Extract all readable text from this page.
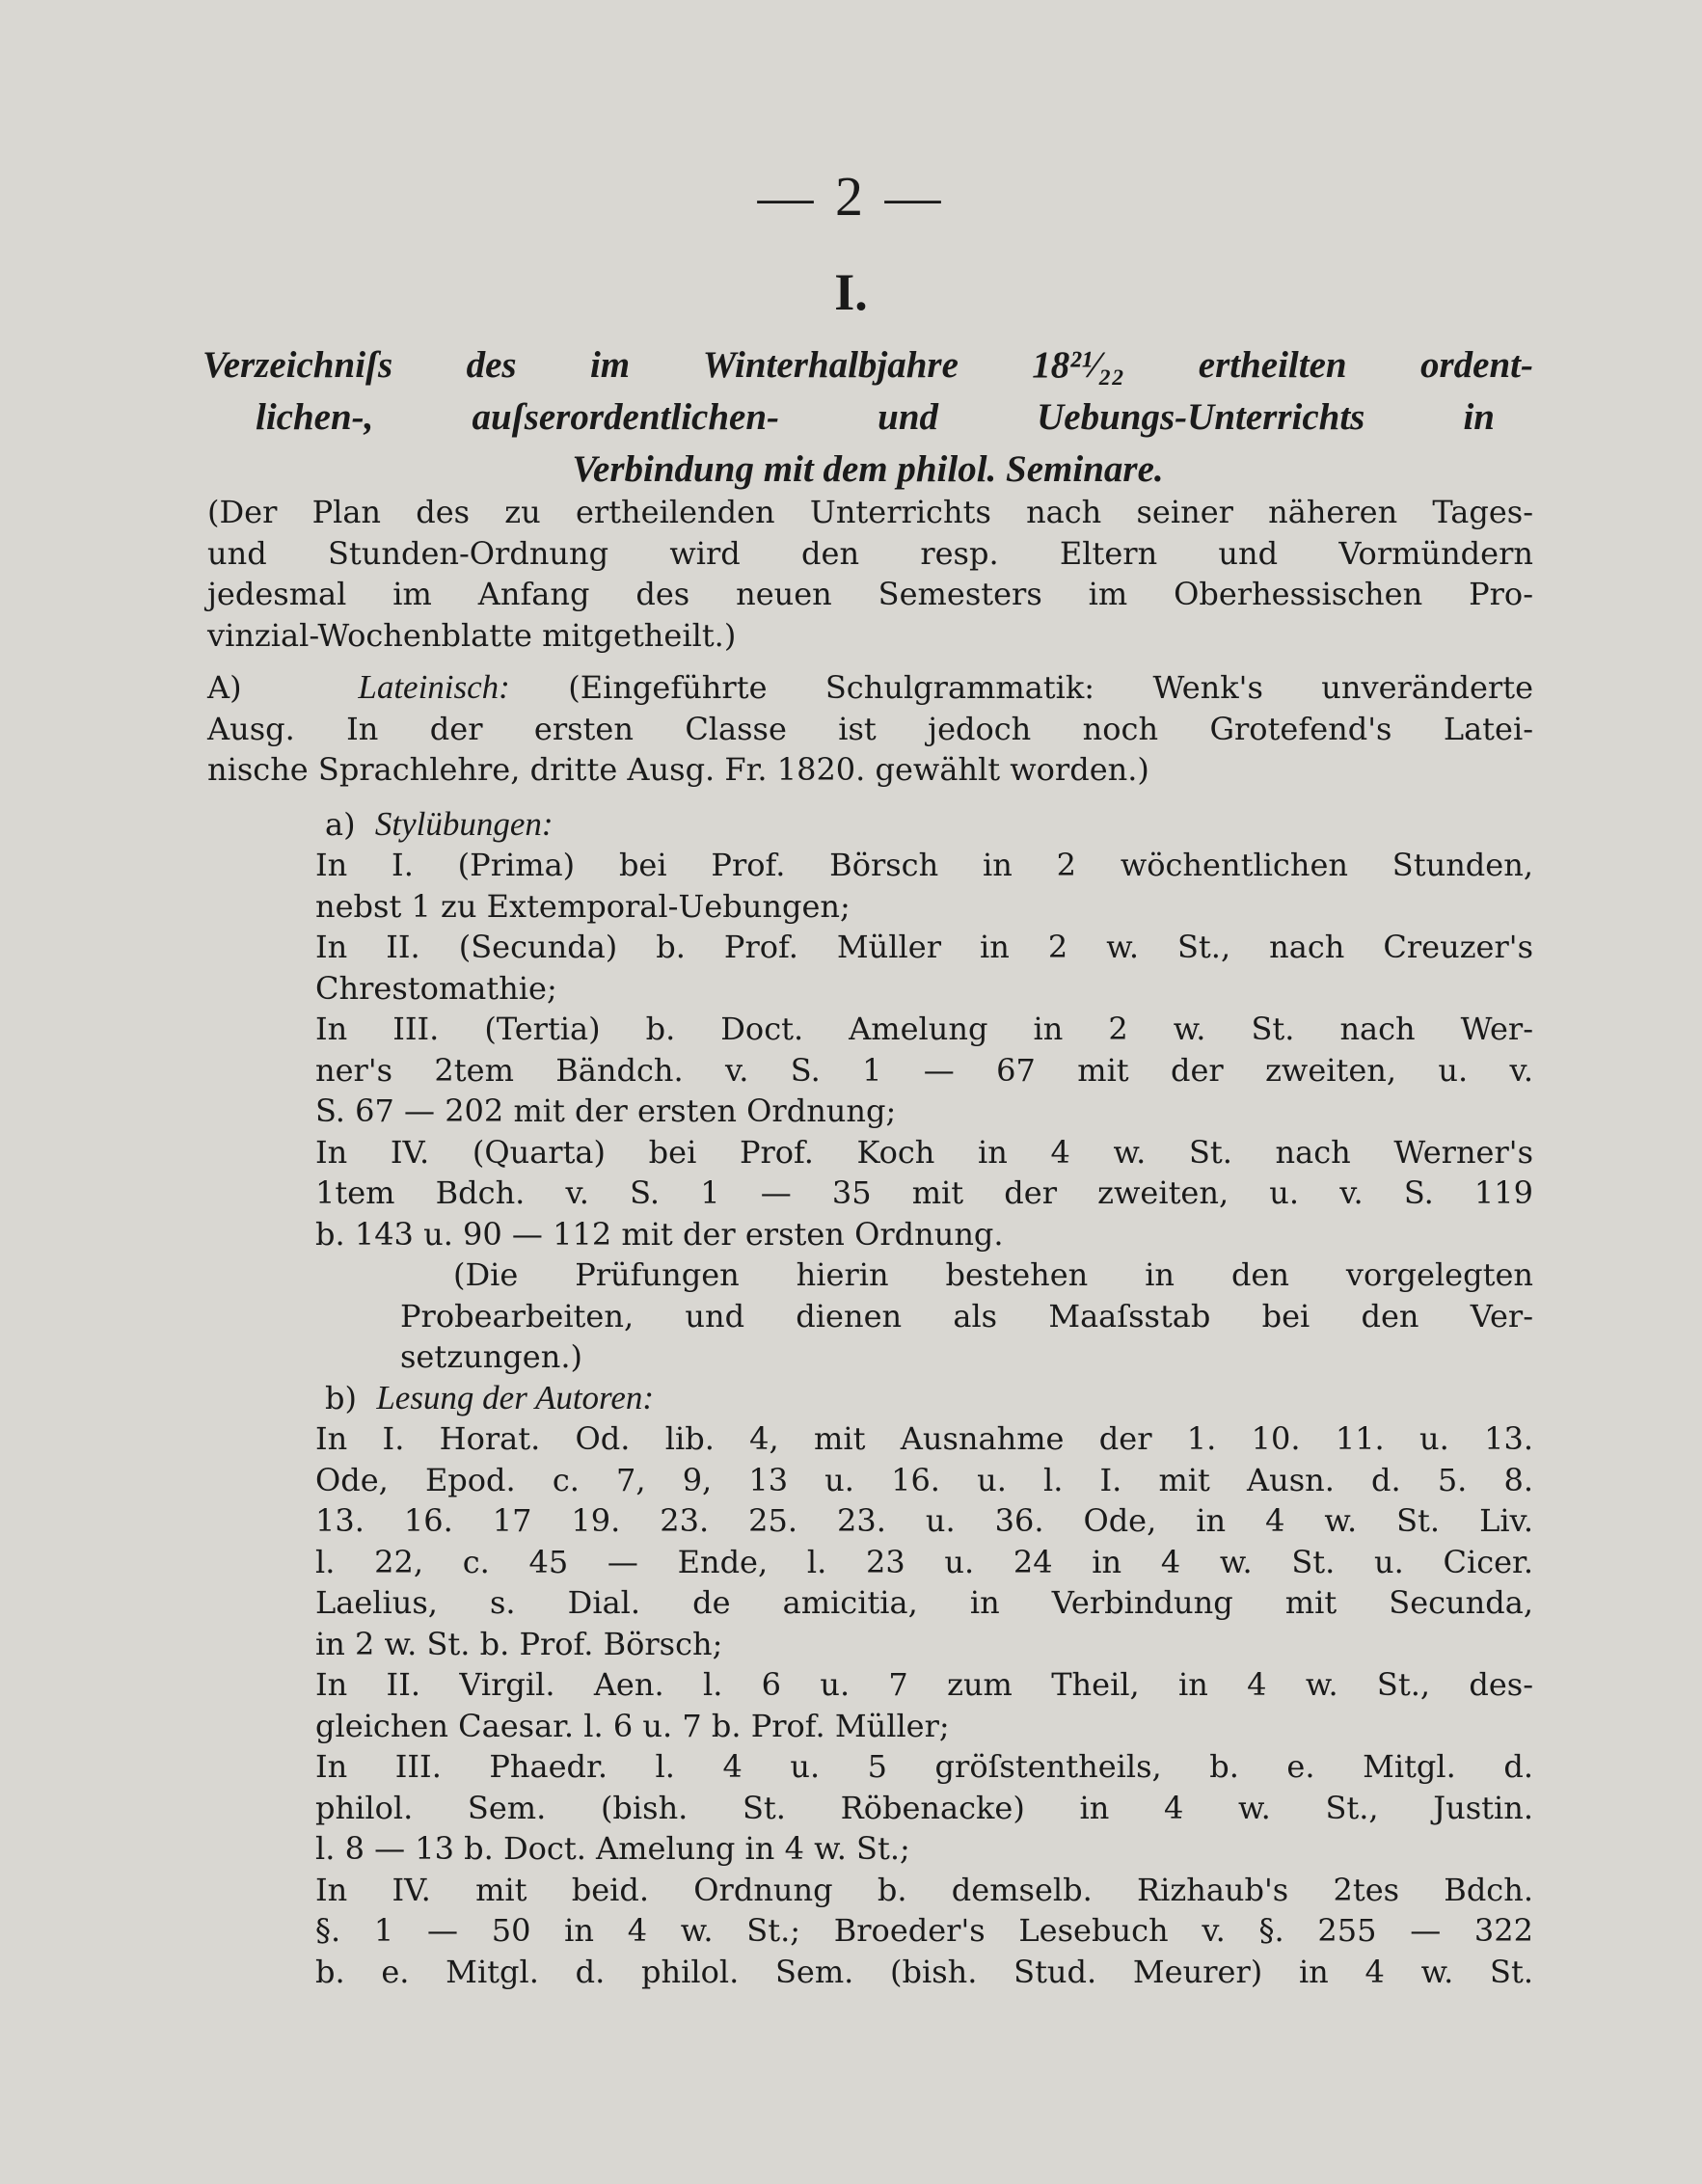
— 2 —
I.
Verzeichniſs des im Winterhalbjahre 18²¹⁄₂₂ ertheilten ordent-
lichen-, auſserordentlichen- und Uebungs-Unterrichts in
Verbindung mit dem philol. Seminare.
(Der Plan des zu ertheilenden Unterrichts nach seiner näheren Tages-
und Stunden-Ordnung wird den resp. Eltern und Vormündern
jedesmal im Anfang des neuen Semesters im Oberhessischen Pro-
vinzial-Wochenblatte mitgetheilt.)
A)	Lateinisch: (Eingeführte Schulgrammatik: Wenk's unveränderte
Ausg. In der ersten Classe ist jedoch noch Grotefend's Latei-
nische Sprachlehre, dritte Ausg. Fr. 1820. gewählt worden.)
a) Stylübungen:
In I. (Prima) bei Prof. Börsch in 2 wöchentlichen Stunden,
nebst 1 zu Extemporal-Uebungen;
In II. (Secunda) b. Prof. Müller in 2 w. St., nach Creuzer's
Chrestomathie;
In III. (Tertia) b. Doct. Amelung in 2 w. St. nach Wer-
ner's 2tem Bändch. v. S. 1 — 67 mit der zweiten, u. v.
S. 67 — 202 mit der ersten Ordnung;
In IV. (Quarta) bei Prof. Koch in 4 w. St. nach Werner's
1tem Bdch. v. S. 1 — 35 mit der zweiten, u. v. S. 119
b. 143 u. 90 — 112 mit der ersten Ordnung.
(Die Prüfungen hierin bestehen in den vorgelegten
Probearbeiten, und dienen als Maaſsstab bei den Ver-
setzungen.)
b) Lesung der Autoren:
In I. Horat. Od. lib. 4, mit Ausnahme der 1. 10. 11. u. 13.
Ode, Epod. c. 7, 9, 13 u. 16. u. l. I. mit Ausn. d. 5. 8.
13. 16. 17 19. 23. 25. 23. u. 36. Ode, in 4 w. St. Liv.
l. 22, c. 45 — Ende, l. 23 u. 24 in 4 w. St. u. Cicer.
Laelius, s. Dial. de amicitia, in Verbindung mit Secunda,
in 2 w. St. b. Prof. Börsch;
In II. Virgil. Aen. l. 6 u. 7 zum Theil, in 4 w. St., des-
gleichen Caesar. l. 6 u. 7 b. Prof. Müller;
In III. Phaedr. l. 4 u. 5 gröſstentheils, b. e. Mitgl. d.
philol. Sem. (bish. St. Röbenacke) in 4 w. St., Justin.
l. 8 — 13 b. Doct. Amelung in 4 w. St.;
In IV. mit beid. Ordnung b. demselb. Rizhaub's 2tes Bdch.
§. 1 — 50 in 4 w. St.; Broeder's Lesebuch v. §. 255 — 322
b. e. Mitgl. d. philol. Sem. (bish. Stud. Meurer) in 4 w. St.
